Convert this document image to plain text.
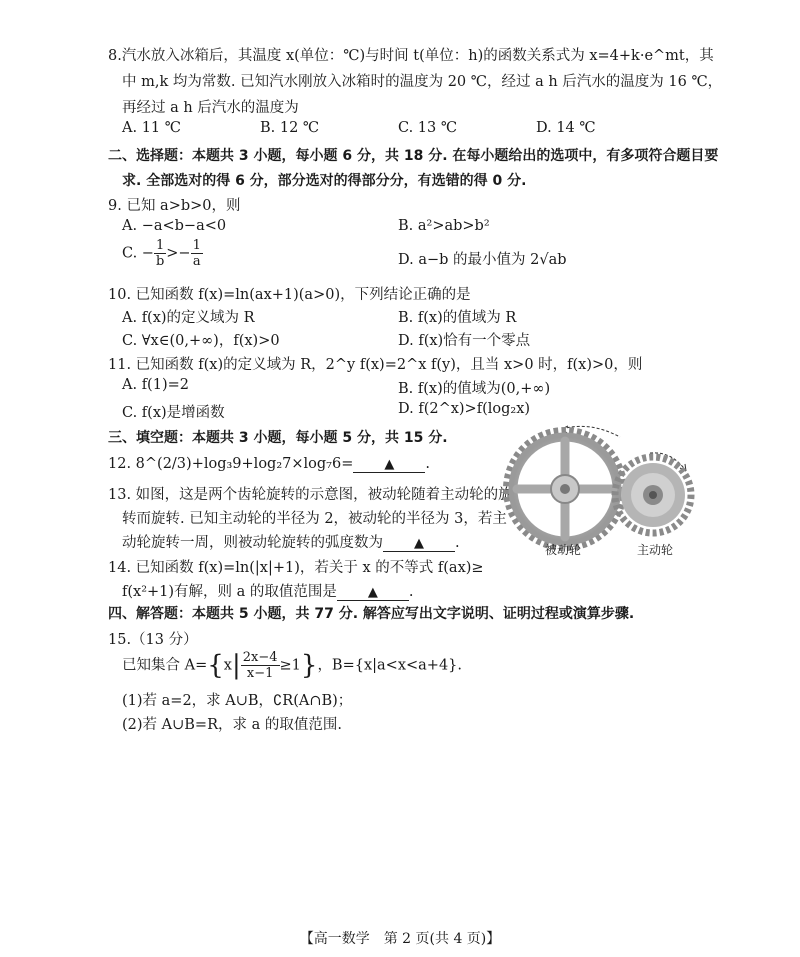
8.汽水放入冰箱后，其温度 x(单位：℃)与时间 t(单位：h)的函数关系式为 x=4+k·e^mt，其
中 m,k 均为常数. 已知汽水刚放入冰箱时的温度为 20 ℃，经过 a h 后汽水的温度为 16 ℃，
再经过 a h 后汽水的温度为
A. 11 ℃	B. 12 ℃	C. 13 ℃	D. 14 ℃
二、选择题：本题共 3 小题，每小题 6 分，共 18 分. 在每小题给出的选项中，有多项符合题目要
求. 全部选对的得 6 分，部分选对的得部分分，有选错的得 0 分.
9. 已知 a>b>0，则
A. −a<b−a<0	B. a²>ab>b²
C. − $\frac{1}{b} >- \frac{1}{a}$	D. a−b 的最小值为 2√ab
10. 已知函数 f(x)=ln(ax+1)(a>0)，下列结论正确的是
A. f(x)的定义域为 R	B. f(x)的值域为 R
C. ∀x∈(0,+∞)，f(x)>0	D. f(x)恰有一个零点
11. 已知函数 f(x)的定义域为 R，2^y f(x)=2^x f(y)，且当 x>0 时，f(x)>0，则
A. f(1)=2	B. f(x)的值域为(0,+∞)
C. f(x)是增函数	D. f(2^x)>f(log₂x)
三、填空题：本题共 3 小题，每小题 5 分，共 15 分.
12. 8^(2/3)+log₃9+log₂7×log₇6= ▲ .
13. 如图，这是两个齿轮旋转的示意图，被动轮随着主动轮的旋
转而旋转. 已知主动轮的半径为 2，被动轮的半径为 3，若主
动轮旋转一周，则被动轮旋转的弧度数为 ▲ .
14. 已知函数 f(x)=ln(|x|+1)，若关于 x 的不等式 f(ax)≥
f(x²+1)有解，则 a 的取值范围是 ▲ .
被动轮	主动轮
四、解答题：本题共 5 小题，共 77 分. 解答应写出文字说明、证明过程或演算步骤.
15.（13 分）
已知集合 $A=\{x| \frac{2x-4}{x-1} \ge 1\}$，B={x|a<x<a+4}.
(1)若 a=2，求 A∪B，∁R(A∩B)；
(2)若 A∪B=R，求 a 的取值范围.
【高一数学　第 2 页(共 4 页)】
